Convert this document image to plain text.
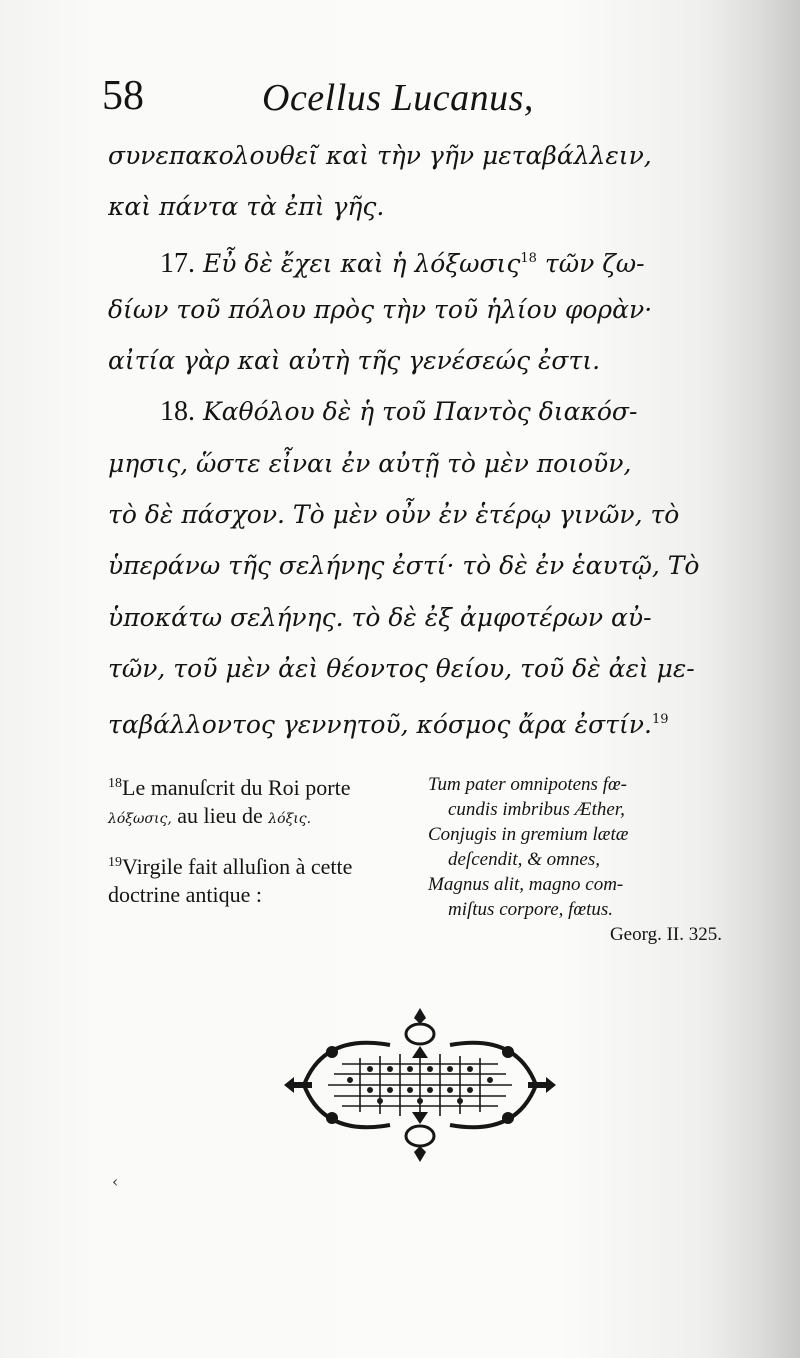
58	Ocellus Lucanus,
συνεπακολουθεῖ καὶ τὴν γῆν μεταβάλλειν,
καὶ πάντα τὰ ἐπὶ γῆς.
17. Εὖ δὲ ἔχει καὶ ἡ λόξωσις$^{18}$ τῶν ζω-
δίων τοῦ πόλου πρὸς τὴν τοῦ ἡλίου φορὰν·
αἰτία γὰρ καὶ αὐτὴ τῆς γενέσεώς ἐστι.
18. Καθόλου δὲ ἡ τοῦ Παντὸς διακόσ-
μησις, ὥστε εἶναι ἐν αὐτῇ τὸ μὲν ποιοῦν,
τὸ δὲ πάσχον. Τὸ μὲν οὖν ἐν ἑτέρῳ γινῶν, τὸ
ὑπεράνω τῆς σελήνης ἐστί· τὸ δὲ ἐν ἑαυτῷ, Τὸ
ὑποκάτω σελήνης. τὸ δὲ ἐξ ἀμφοτέρων αὐ-
τῶν, τοῦ μὲν ἀεὶ θέοντος θείου, τοῦ δὲ ἀεὶ με-
ταβάλλοντος γεννητοῦ, κόσμος ἄρα ἐστίν.$^{19}$

$^{18}$Le manuſcrit du Roi porte λόξωσις, au lieu de λόξις.

$^{19}$Virgile fait alluſion à cette doctrine antique :

Tum pater omnipotens fœ-
cundis imbribus Æther,
Conjugis in gremium lætæ
deſcendit, & omnes,
Magnus alit, magno com-
miſtus corpore, fœtus.
Georg. II. 325.
‹
